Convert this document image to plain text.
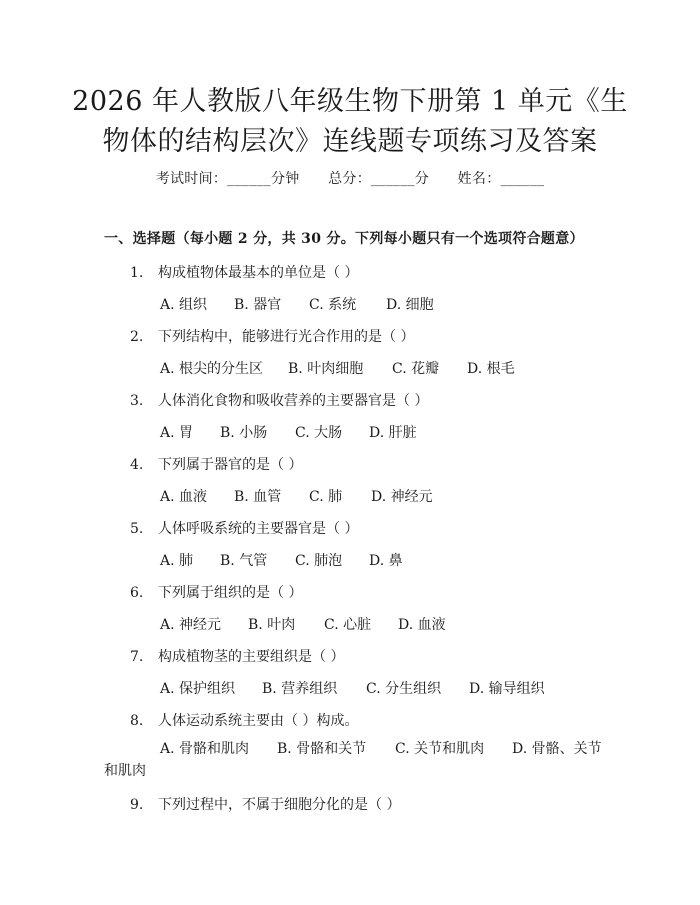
2026 年人教版八年级生物下册第 1 单元《生
物体的结构层次》连线题专项练习及答案
考试时间：______分钟      总分：______分      姓名：______
一、选择题（每小题 2 分，共 30 分。下列每小题只有一个选项符合题意）
1. 构成植物体最基本的单位是（ ）
A. 组织 B. 器官 C. 系统 D. 细胞
2. 下列结构中，能够进行光合作用的是（ ）
A. 根尖的分生区 B. 叶肉细胞 C. 花瓣 D. 根毛
3. 人体消化食物和吸收营养的主要器官是（ ）
A. 胃 B. 小肠 C. 大肠 D. 肝脏
4. 下列属于器官的是（ ）
A. 血液 B. 血管 C. 肺 D. 神经元
5. 人体呼吸系统的主要器官是（ ）
A. 肺 B. 气管 C. 肺泡 D. 鼻
6. 下列属于组织的是（ ）
A. 神经元 B. 叶肉 C. 心脏 D. 血液
7. 构成植物茎的主要组织是（ ）
A. 保护组织 B. 营养组织 C. 分生组织 D. 输导组织
8. 人体运动系统主要由（ ）构成。
A. 骨骼和肌肉 B. 骨骼和关节 C. 关节和肌肉 D. 骨骼、关节和肌肉
9. 下列过程中，不属于细胞分化的是（ ）
